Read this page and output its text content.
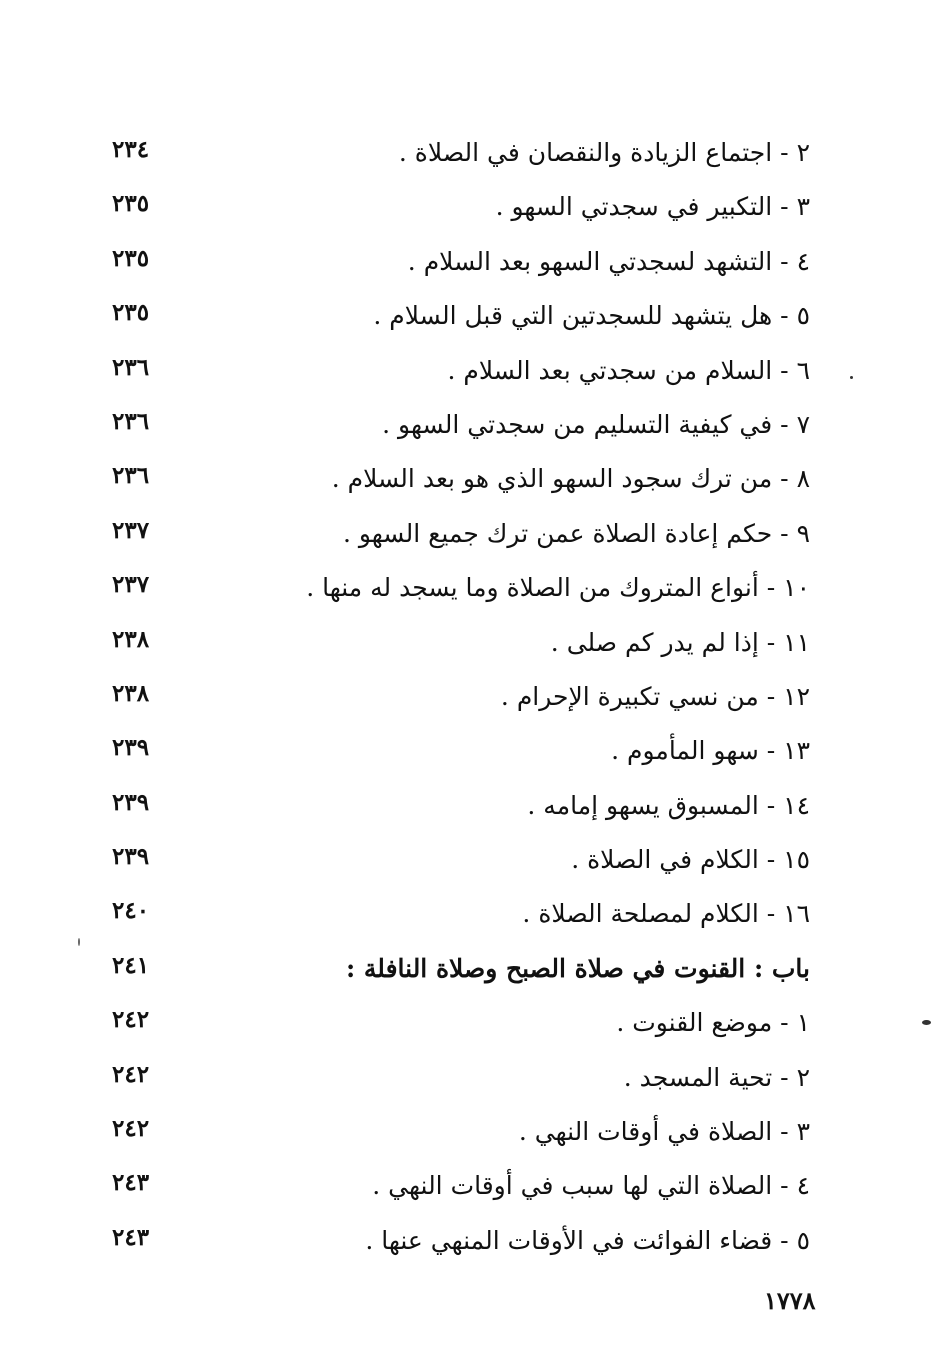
٢ - اجتماع الزيادة والنقصان في الصلاة .
٢٣٤
٣ - التكبير في سجدتي السهو .
٢٣٥
٤ - التشهد لسجدتي السهو بعد السلام .
٢٣٥
٥ - هل يتشهد للسجدتين التي قبل السلام .
٢٣٥
٦ - السلام من سجدتي بعد السلام .
٢٣٦
٧ - في كيفية التسليم من سجدتي السهو .
٢٣٦
٨ - من ترك سجود السهو الذي هو بعد السلام .
٢٣٦
٩ - حكم إعادة الصلاة عمن ترك جميع السهو .
٢٣٧
١٠ - أنواع المتروك من الصلاة وما يسجد له منها .
٢٣٧
١١ - إذا لم يدر كم صلى .
٢٣٨
١٢ - من نسي تكبيرة الإحرام .
٢٣٨
١٣ - سهو المأموم .
٢٣٩
١٤ - المسبوق يسهو إمامه .
٢٣٩
١٥ - الكلام في الصلاة .
٢٣٩
١٦ - الكلام لمصلحة الصلاة .
٢٤٠
باب : القنوت في صلاة الصبح وصلاة النافلة :
٢٤١
١ - موضع القنوت .
٢٤٢
٢ - تحية المسجد .
٢٤٢
٣ - الصلاة في أوقات النهي .
٢٤٢
٤ - الصلاة التي لها سبب في أوقات النهي .
٢٤٣
٥ - قضاء الفوائت في الأوقات المنهي عنها .
٢٤٣
١٧٧٨
